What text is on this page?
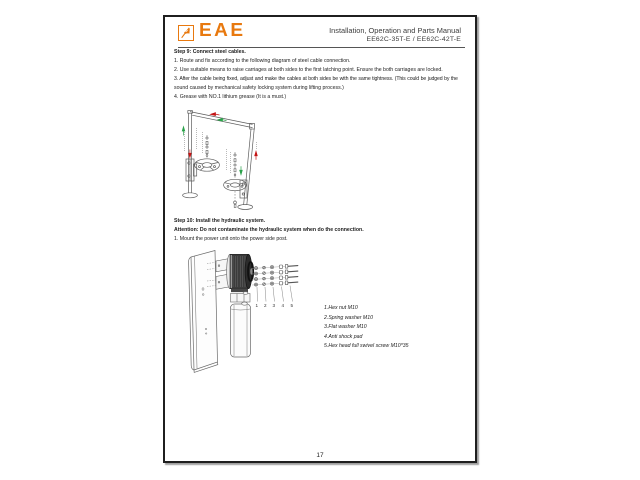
EAE	Installation, Operation and Parts Manual
EE62C-35T-E / EE62C-42T-E
Step 9: Connect steel cables.
1. Route and fix according to the following diagram of steel cable connection.
2. Use suitable means to raise carriages at both sides to the first latching point. Ensure the both carriages are locked.
3. After the cable being fixed, adjust and make the cables at both sides be with the same tightness. (This could be judged by the
sound caused by mechanical safety locking system during lifting process.)
4. Grease with NO.1 lithium grease (It is a must.)
Step 10: Install the hydraulic system.
Attention: Do not contaminate the hydraulic system when do the connection.
1. Mount the power unit onto the power side post.
1 2 3 4 5	1.Hex nut M10
2.Spring washer M10
3.Flat washer M10
4.Anti shock pad
5.Hex head full swivel screw M10*35
17
